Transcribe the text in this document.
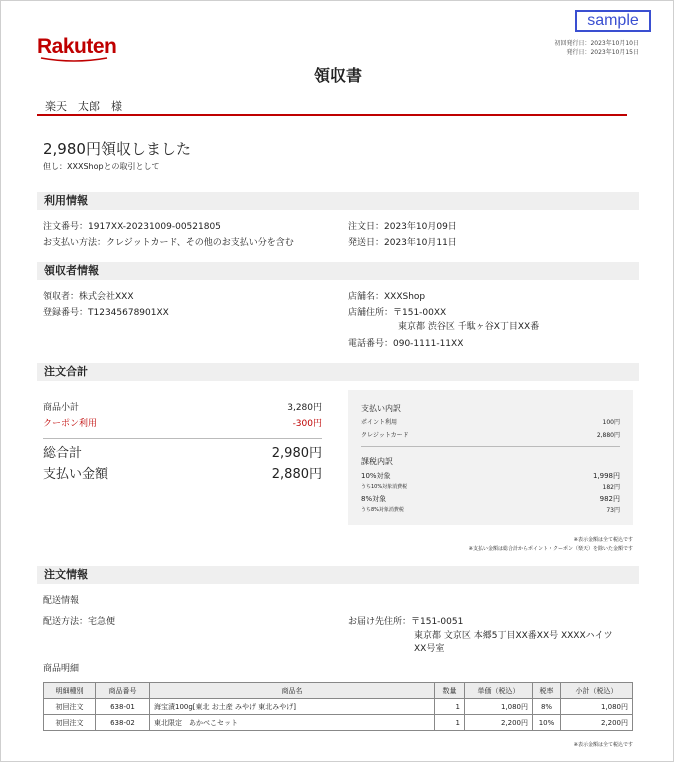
sample
Rakuten	初回発行日：2023年10月10日
発行日：2023年10月15日
領収書
楽天　太郎　様
2,980円領収しました
但し：XXXShopとの取引として
利用情報
注文番号：1917XX-20231009-00521805
お支払い方法：クレジットカード、その他のお支払い分を含む
注文日：2023年10月09日
発送日：2023年10月11日
領収者情報
領収者：株式会社XXX
登録番号：T12345678901XX
店舗名：XXXShop
店舗住所：〒151-00XX
東京都 渋谷区 千駄ヶ谷X丁目XX番
電話番号：090-1111-11XX
注文合計
商品小計	3,280円
クーポン利用	-300円
総合計	2,980円
支払い金額	2,880円
支払い内訳
ポイント利用	100円
クレジットカード	2,880円
課税内訳
10%対象	1,998円
うち10%対象消費税	182円
8%対象	982円
うち8%対象消費税	73円
※表示金額は全て税込です
※支払い金額は総合計からポイント・クーポン（楽天）を除いた金額です
注文情報
配送情報
配送方法：宅急便	お届け先住所：〒151-0051
東京都 文京区 本郷5丁目XX番XX号 XXXXハイツ
XX号室
商品明細
明細種別	商品番号	商品名	数量	単価（税込）	税率	小計（税込）
初回注文	638-01	海宝漬100g[東北 お土産 みやげ 東北みやげ]	1	1,080円	8%	1,080円
初回注文	638-02	東北限定　あかべこセット	1	2,200円	10%	2,200円
※表示金額は全て税込です
